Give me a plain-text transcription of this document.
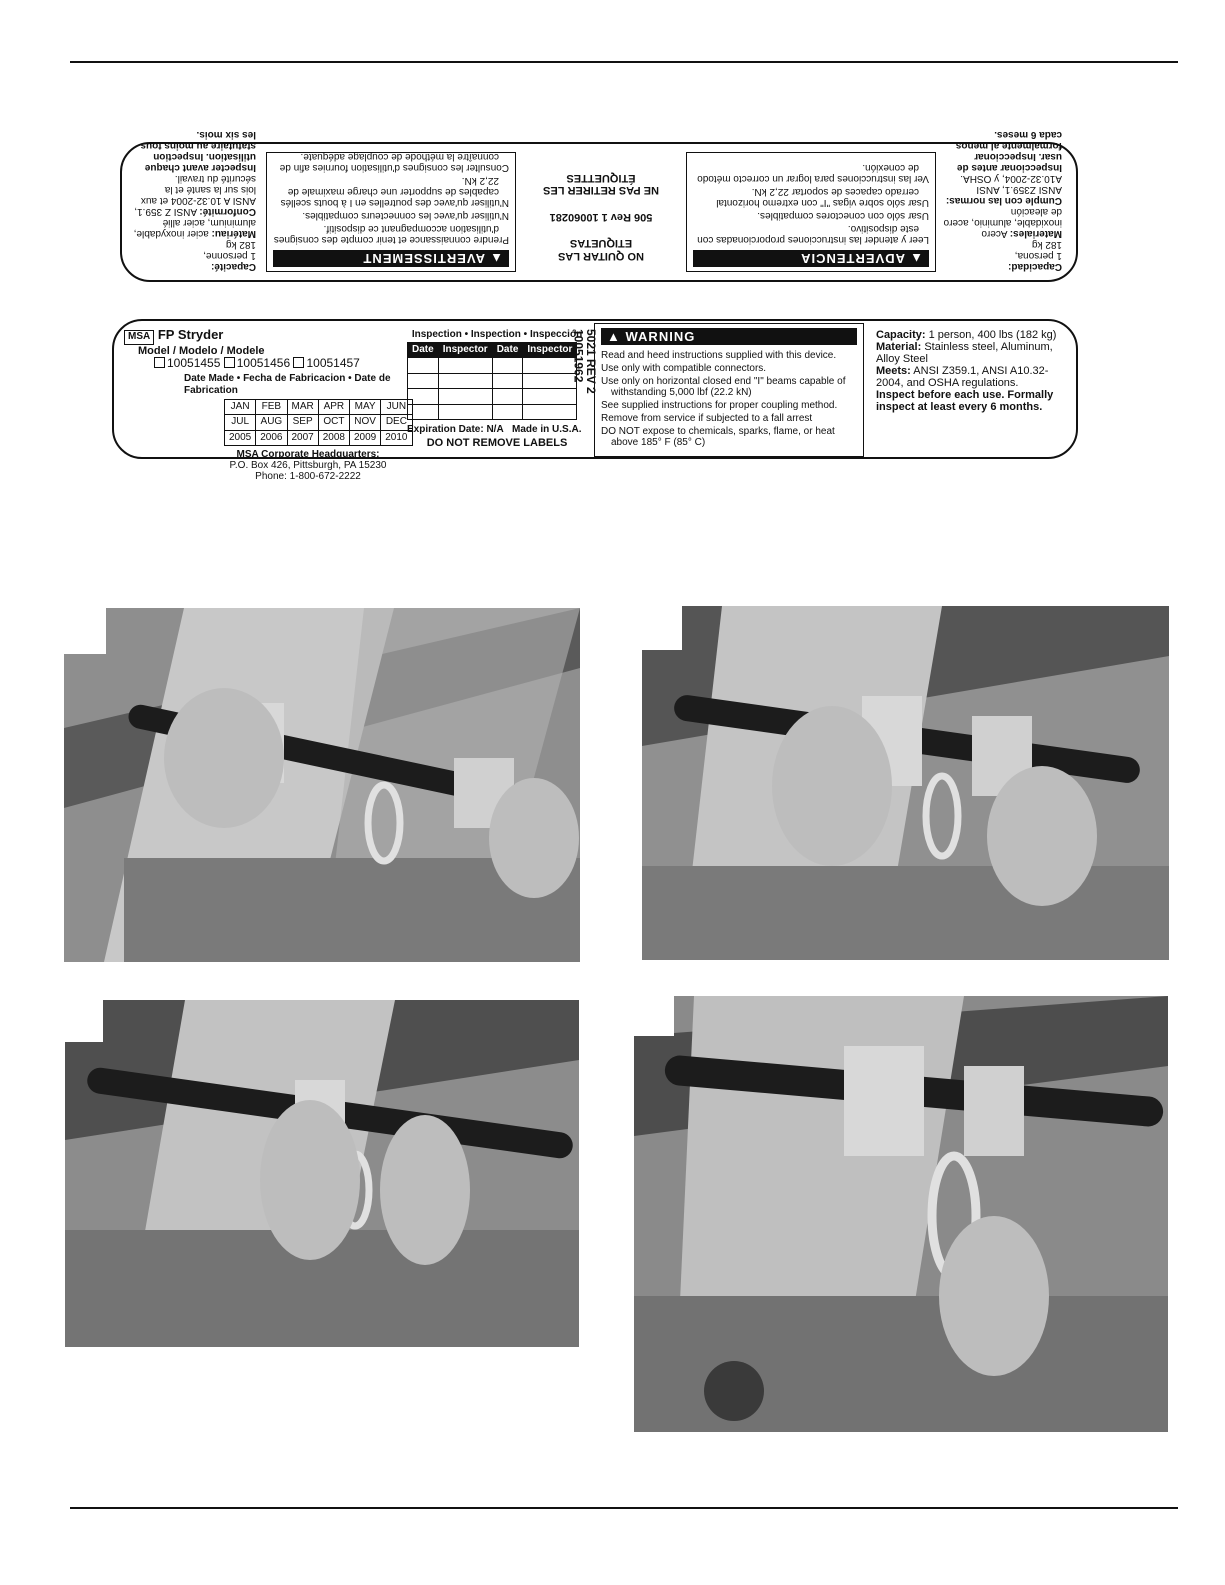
Capacidad:
1 persona,
182 kg
Materiales: Acero inoxidable, aluminio, acero de aleación
Cumple con las normas: ANSI Z359.1, ANSI A10.32-2004, y OSHA.
Inspeccionar antes de usar. Inspeccionar formalmente al menos cada 6 meses.
▲ ADVERTENCIA
Leer y atender las instrucciones proporcionadas con este dispositivo.
Usar sólo con conectores compatibles.
Usar sólo sobre vigas "I" con extremo horizontal cerrado capaces de soportar 22,2 kN.
Ver las instrucciones para lograr un correcto método de conexión.
NO QUITAR LAS ETIQUETAS
506 Rev 1 10060281
NE PAS RETIRER LES ÉTIQUETTES
▲ AVERTISSEMENT
Prendre connaissance et tenir compte des consignes d'utilisation accompagnant ce dispositif.
N'utiliser qu'avec les connecteurs compatibles.
N'utiliser qu'avec des poutrelles en I à bouts scellés capables de supporter une charge maximale de 22,2 kN.
Consulter les consignes d'utilisation fournies afin de connaître la méthode de couplage adéquate.
Capacité:
1 personne,
182 kg
Matériau: acier inoxydable, aluminium, acier allié
Conformité: ANSI Z 359.1, ANSI A 10.32-2004 et aux lois sur la santé et la sécurité du travail.
Inspecter avant chaque utilisation. Inspection statutaire au moins tous les six mois.
MSA FP Stryder
Model / Modelo / Modele
10051455 10051456 10051457
Date Made • Fecha de Fabricacion • Date de Fabrication
JAN	FEB	MAR	APR	MAY	JUN
JUL	AUG	SEP	OCT	NOV	DEC
2005	2006	2007	2008	2009	2010
MSA Corporate Headquarters:
P.O. Box 426, Pittsburgh, PA 15230
Phone: 1-800-672-2222
Inspection • Inspection • Inspección
Date	Inspector	Date	Inspector

Expiration Date: N/A Made in U.S.A.
DO NOT REMOVE LABELS
5021 REV 2 10051962	▲ WARNING
Read and heed instructions supplied with this device.
Use only with compatible connectors.
Use only on horizontal closed end "I" beams capable of withstanding 5,000 lbf (22.2 kN)
See supplied instructions for proper coupling method.
Remove from service if subjected to a fall arrest
DO NOT expose to chemicals, sparks, flame, or heat above 185° F (85° C)
Capacity: 1 person, 400 lbs (182 kg)
Material: Stainless steel, Aluminum, Alloy Steel
Meets: ANSI Z359.1, ANSI A10.32-2004, and OSHA regulations.
Inspect before each use. Formally inspect at least every 6 months.
